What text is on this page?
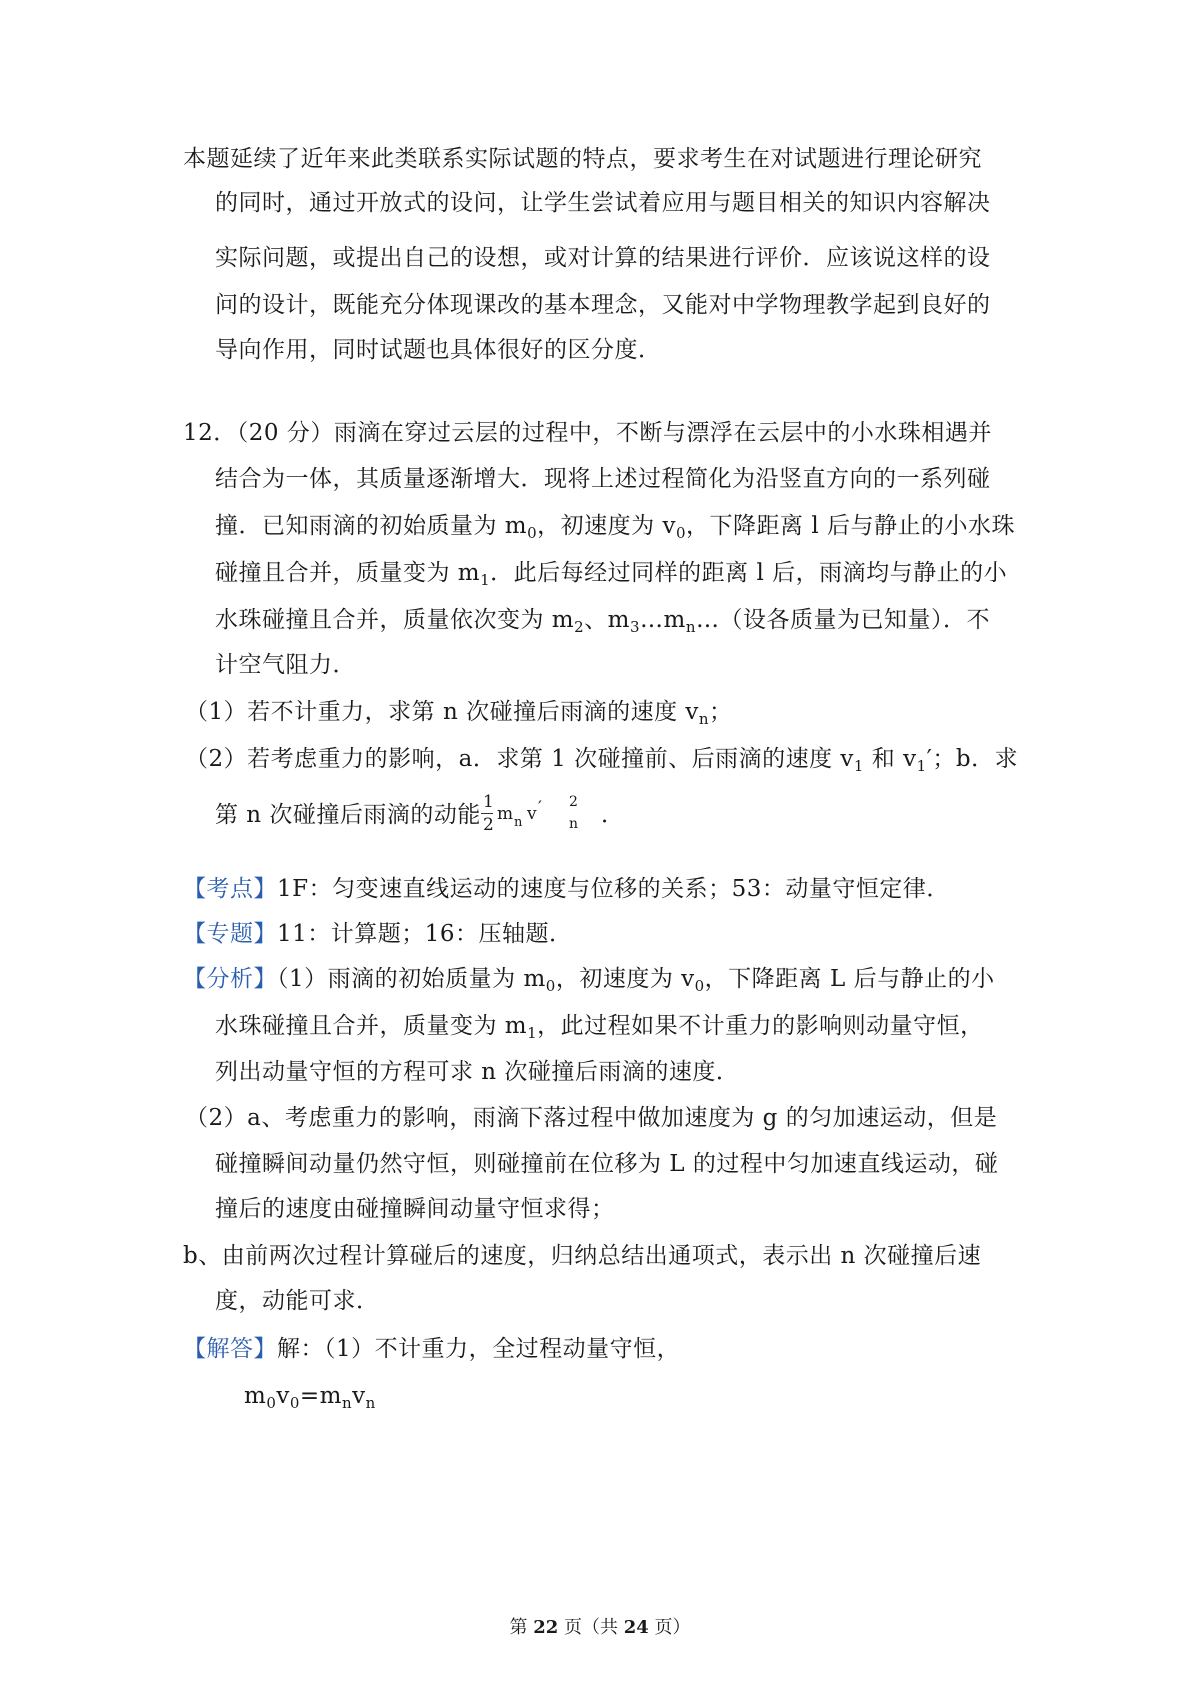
本题延续了近年来此类联系实际试题的特点，要求考生在对试题进行理论研究
的同时，通过开放式的设问，让学生尝试着应用与题目相关的知识内容解决
实际问题，或提出自己的设想，或对计算的结果进行评价．应该说这样的设
问的设计，既能充分体现课改的基本理念，又能对中学物理教学起到良好的
导向作用，同时试题也具体很好的区分度．
12．（20 分）雨滴在穿过云层的过程中，不断与漂浮在云层中的小水珠相遇并
结合为一体，其质量逐渐增大．现将上述过程简化为沿竖直方向的一系列碰
撞．已知雨滴的初始质量为 $m_0$，初速度为 $v_0$，下降距离 l 后与静止的小水珠
碰撞且合并，质量变为 $m_1$．此后每经过同样的距离 l 后，雨滴均与静止的小
水珠碰撞且合并，质量依次变为 $m_2$、$m_3\dots m_n\dots$（设各质量为已知量）．不
计空气阻力．
（1）若不计重力，求第 n 次碰撞后雨滴的速度 $v_n$；
（2）若考虑重力的影响，a．求第 1 次碰撞前、后雨滴的速度 $v_1$ 和 $v_1'$；b．求
第 n 次碰撞后雨滴的动能 1
2
m n v ′ 2
n ．
【考点】1F：匀变速直线运动的速度与位移的关系；53：动量守恒定律．
【专题】11：计算题；16：压轴题．
【分析】（1）雨滴的初始质量为 $m_0$，初速度为 $v_0$，下降距离 L 后与静止的小
水珠碰撞且合并，质量变为 $m_1$，此过程如果不计重力的影响则动量守恒，
列出动量守恒的方程可求 n 次碰撞后雨滴的速度．
（2）a、考虑重力的影响，雨滴下落过程中做加速度为 g 的匀加速运动，但是
碰撞瞬间动量仍然守恒，则碰撞前在位移为 L 的过程中匀加速直线运动，碰
撞后的速度由碰撞瞬间动量守恒求得；
b、由前两次过程计算碰后的速度，归纳总结出通项式，表示出 n 次碰撞后速
度，动能可求．
【解答】解：（1）不计重力，全过程动量守恒，
$m_0v_0=m_nv_n$
第 22 页（共 24 页）
